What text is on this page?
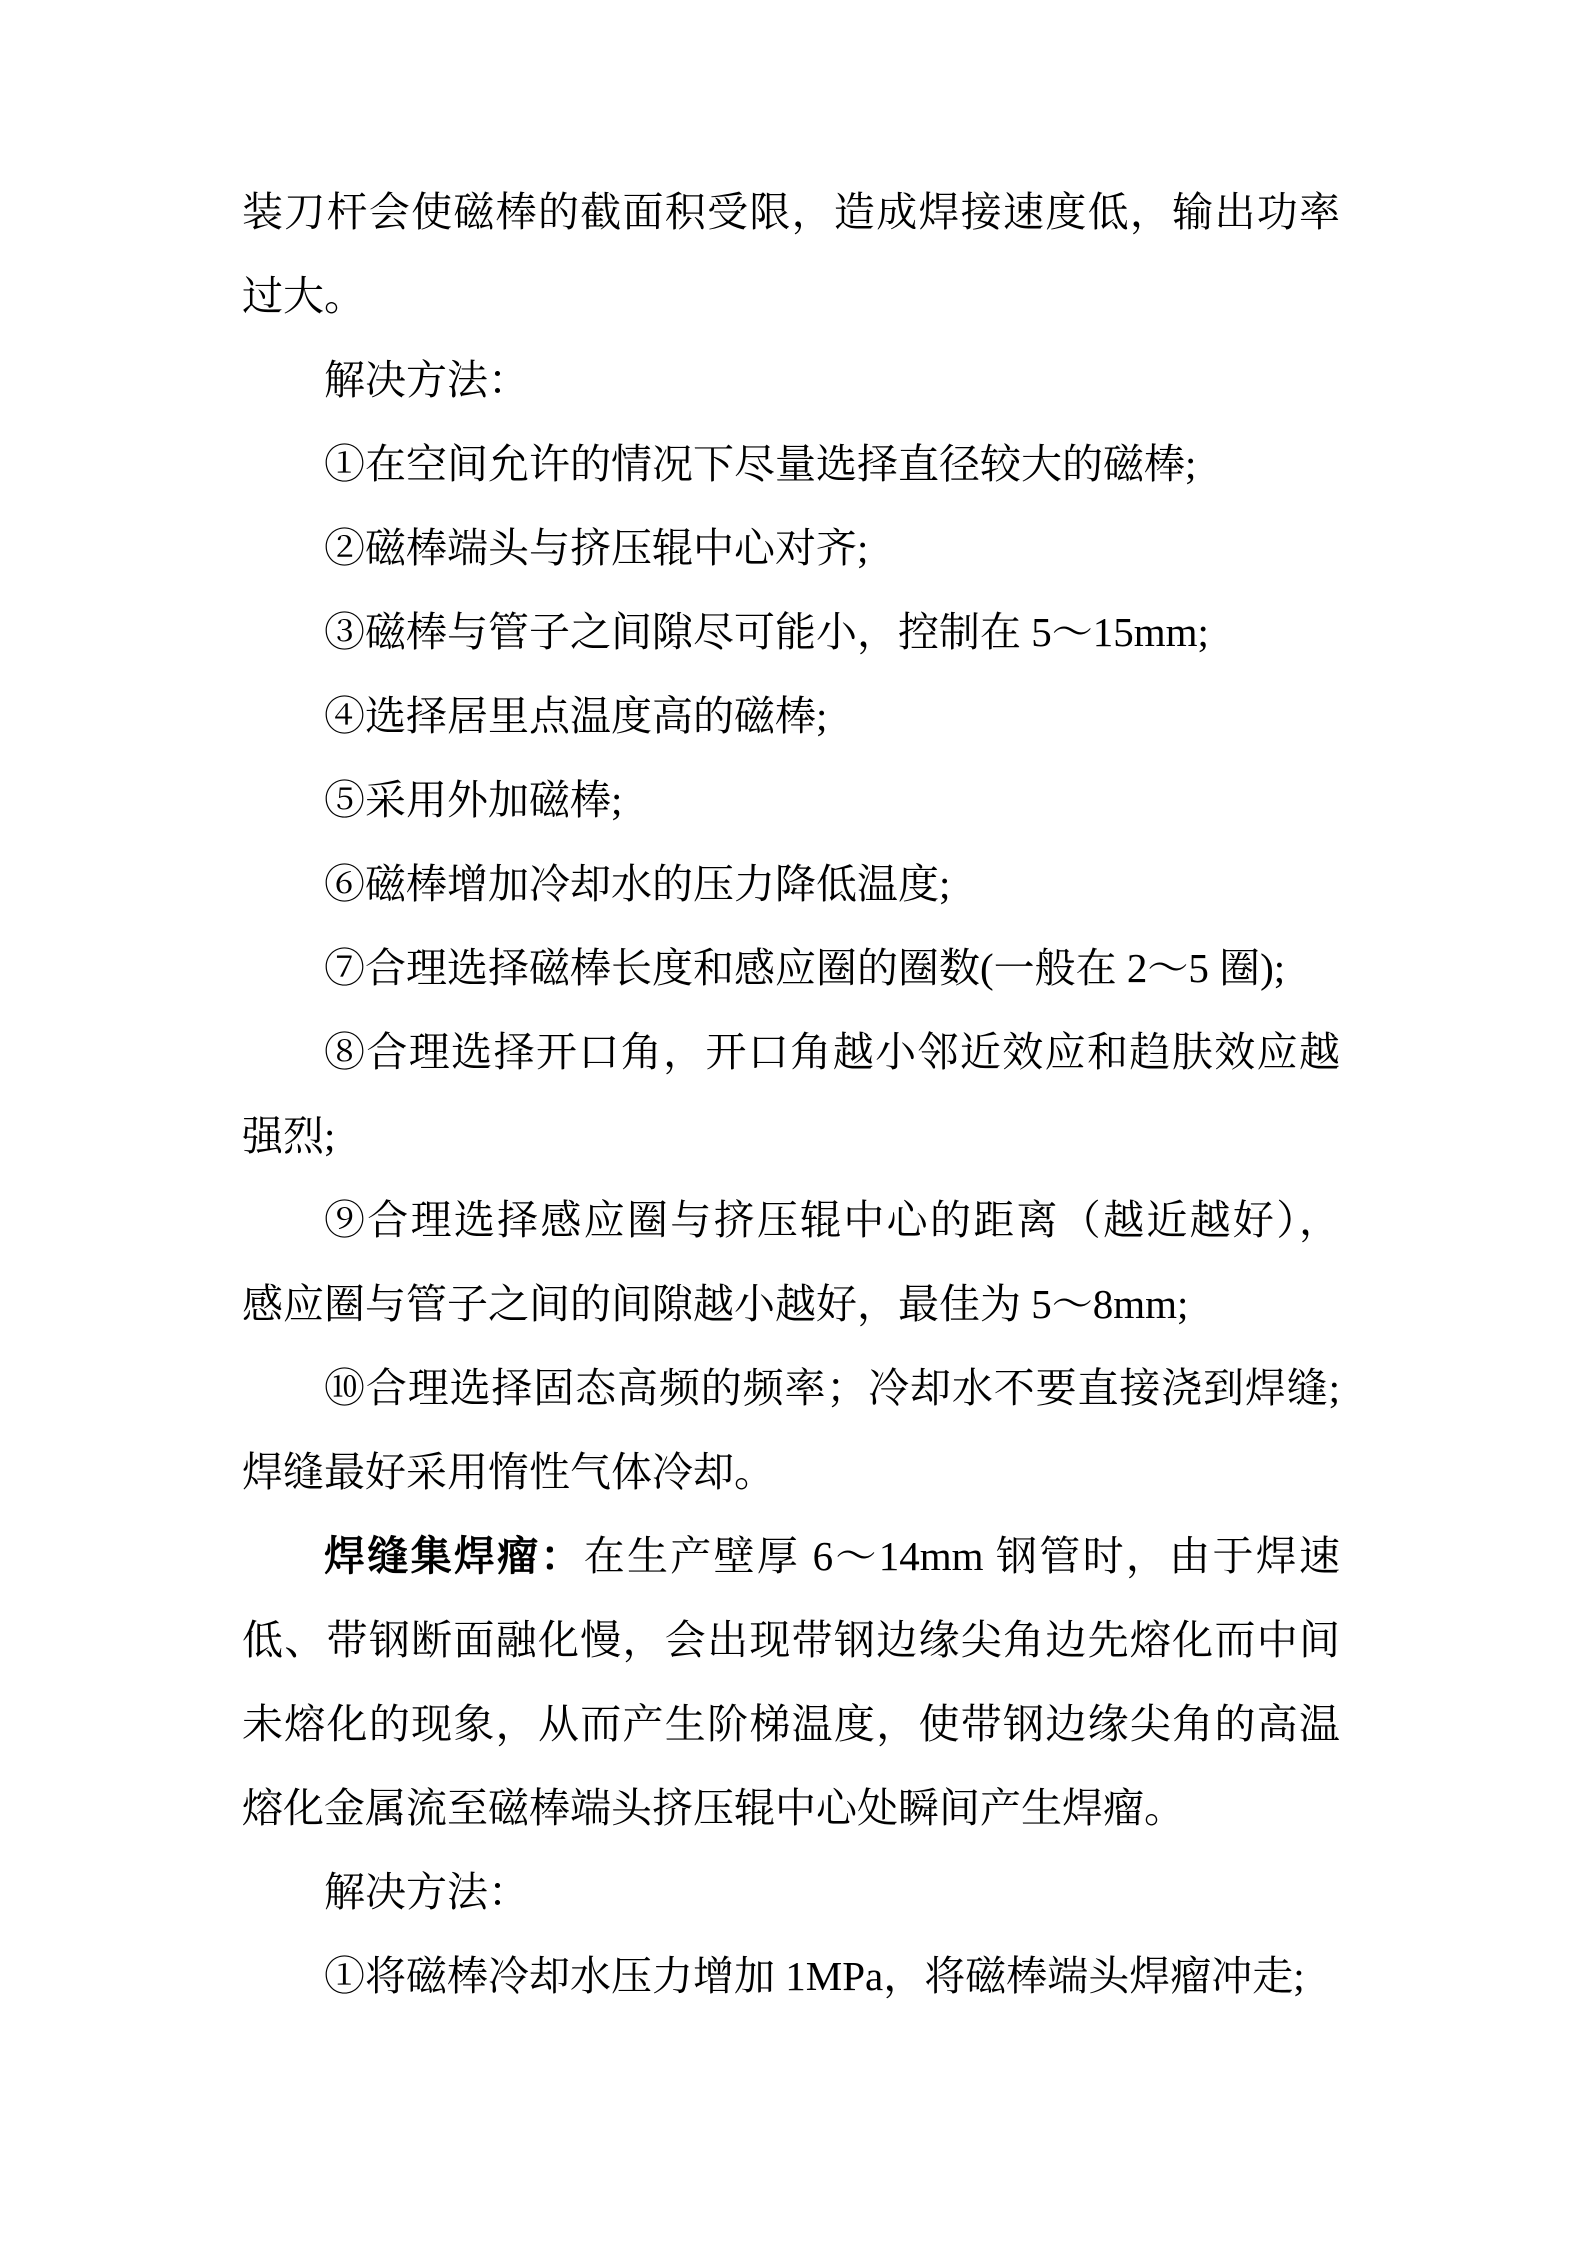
装刀杆会使磁棒的截面积受限，造成焊接速度低，输出功率
过大。
解决方法：
①在空间允许的情况下尽量选择直径较大的磁棒;
②磁棒端头与挤压辊中心对齐;
③磁棒与管子之间隙尽可能小，控制在 5～15mm;
④选择居里点温度高的磁棒;
⑤采用外加磁棒;
⑥磁棒增加冷却水的压力降低温度;
⑦合理选择磁棒长度和感应圈的圈数(一般在 2～5 圈);
⑧合理选择开口角，开口角越小邻近效应和趋肤效应越
强烈;
⑨合理选择感应圈与挤压辊中心的距离（越近越好），
感应圈与管子之间的间隙越小越好，最佳为 5～8mm;
⑩合理选择固态高频的频率；冷却水不要直接浇到焊缝;
焊缝最好采用惰性气体冷却。
焊缝集焊瘤：在生产壁厚 6～14mm 钢管时，由于焊速
低、带钢断面融化慢，会出现带钢边缘尖角边先熔化而中间
未熔化的现象，从而产生阶梯温度，使带钢边缘尖角的高温
熔化金属流至磁棒端头挤压辊中心处瞬间产生焊瘤。
解决方法：
①将磁棒冷却水压力增加 1MPa，将磁棒端头焊瘤冲走;
